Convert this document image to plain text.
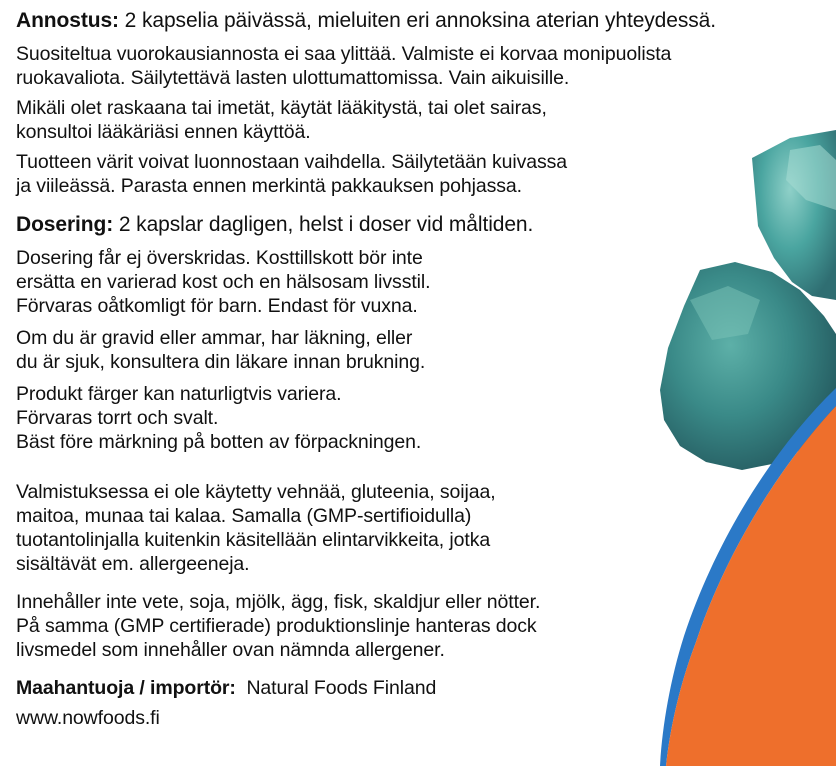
Annostus: 2 kapselia päivässä, mieluiten eri annoksina aterian yhteydessä.

Suositeltua vuorokausiannosta ei saa ylittää. Valmiste ei korvaa monipuolista

ruokavaliota. Säilytettävä lasten ulottumattomissa. Vain aikuisille.

Mikäli olet raskaana tai imetät, käytät lääkitystä, tai olet sairas,

konsultoi lääkäriäsi ennen käyttöä.

Tuotteen värit voivat luonnostaan vaihdella. Säilytetään kuivassa

ja viileässä. Parasta ennen merkintä pakkauksen pohjassa.

Dosering: 2 kapslar dagligen, helst i doser vid måltiden.

Dosering får ej överskridas. Kosttillskott bör inte

ersätta en varierad kost och en hälsosam livsstil.

Förvaras oåtkomligt för barn. Endast för vuxna.

Om du är gravid eller ammar, har läkning, eller

du är sjuk, konsultera din läkare innan brukning.

Produkt färger kan naturligtvis variera.

Förvaras torrt och svalt.

Bäst före märkning på botten av förpackningen.

Valmistuksessa ei ole käytetty vehnää, gluteenia, soijaa,

maitoa, munaa tai kalaa. Samalla (GMP-sertifioidulla)

tuotantolinjalla kuitenkin käsitellään elintarvikkeita, jotka

sisältävät em. allergeeneja.

Innehåller inte vete, soja, mjölk, ägg, fisk, skaldjur eller nötter.

På samma (GMP certifierade) produktionslinje hanteras dock

livsmedel som innehåller ovan nämnda allergener.

Maahantuoja / importör: Natural Foods Finland

www.nowfoods.fi
